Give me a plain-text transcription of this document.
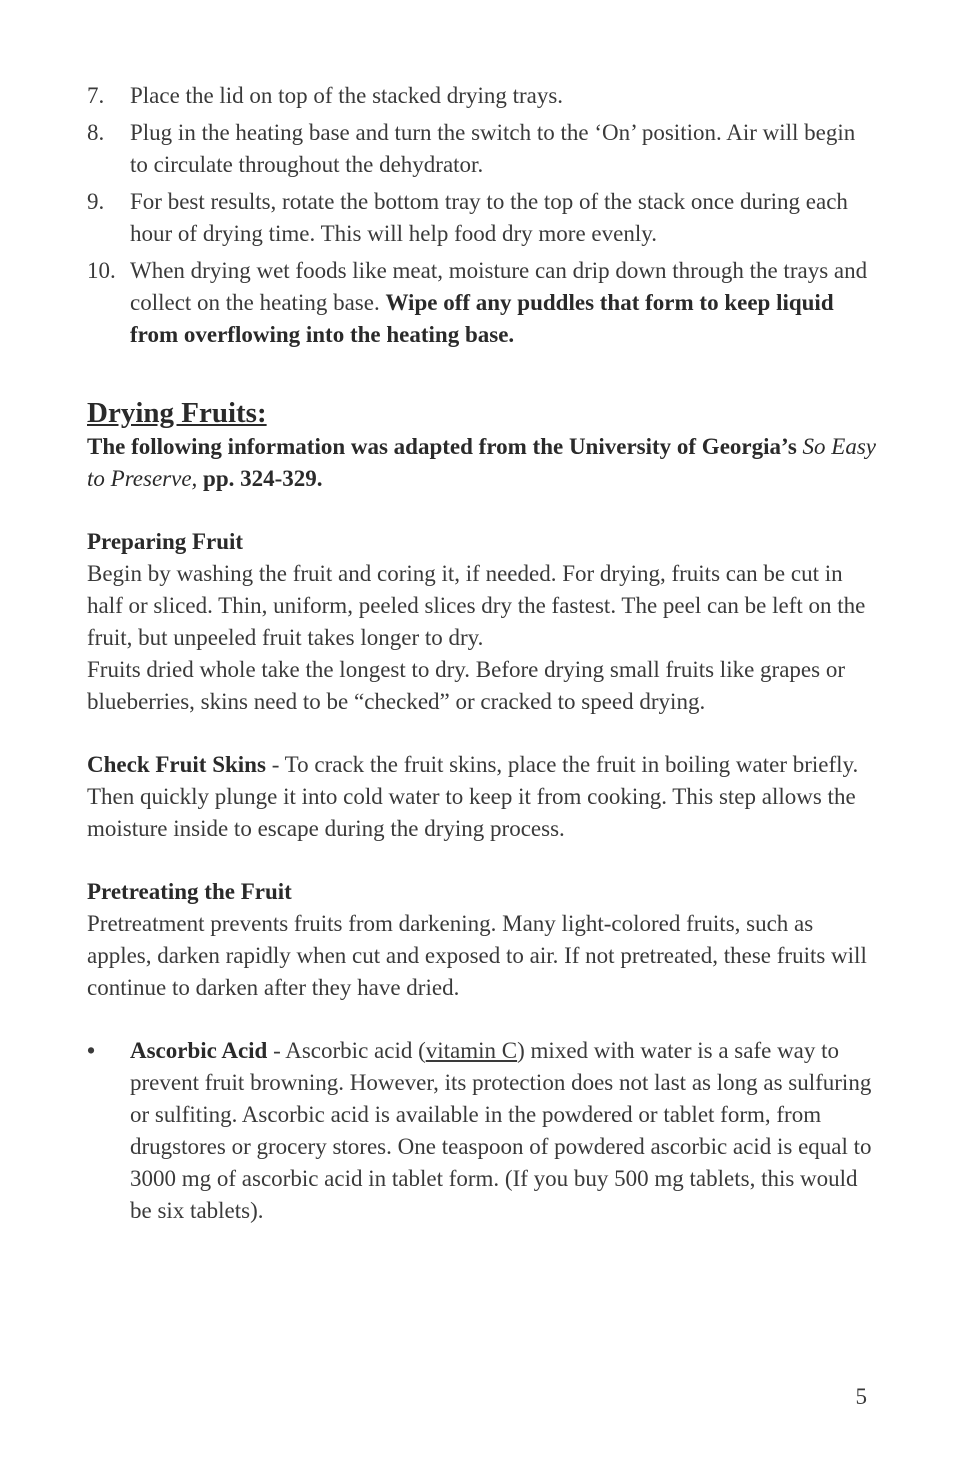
7. Place the lid on top of the stacked drying trays.
8. Plug in the heating base and turn the switch to the ‘On’ position. Air will begin to circulate throughout the dehydrator.
9. For best results, rotate the bottom tray to the top of the stack once during each hour of drying time. This will help food dry more evenly.
10. When drying wet foods like meat, moisture can drip down through the trays and collect on the heating base. Wipe off any puddles that form to keep liquid from overflowing into the heating base.
Drying Fruits:

The following information was adapted from the University of Georgia’s So Easy to Preserve, pp. 324-329.

Preparing Fruit

Begin by washing the fruit and coring it, if needed. For drying, fruits can be cut in half or sliced. Thin, uniform, peeled slices dry the fastest. The peel can be left on the fruit, but unpeeled fruit takes longer to dry.

Fruits dried whole take the longest to dry. Before drying small fruits like grapes or blueberries, skins need to be “checked” or cracked to speed drying.

Check Fruit Skins - To crack the fruit skins, place the fruit in boiling water briefly. Then quickly plunge it into cold water to keep it from cooking. This step allows the moisture inside to escape during the drying process.

Pretreating the Fruit

Pretreatment prevents fruits from darkening. Many light-colored fruits, such as apples, darken rapidly when cut and exposed to air. If not pretreated, these fruits will continue to darken after they have dried.

• Ascorbic Acid - Ascorbic acid (vitamin C) mixed with water is a safe way to prevent fruit browning. However, its protection does not last as long as sulfuring or sulfiting. Ascorbic acid is available in the powdered or tablet form, from drugstores or grocery stores. One teaspoon of powdered ascorbic acid is equal to 3000 mg of ascorbic acid in tablet form. (If you buy 500 mg tablets, this would be six tablets).
5
